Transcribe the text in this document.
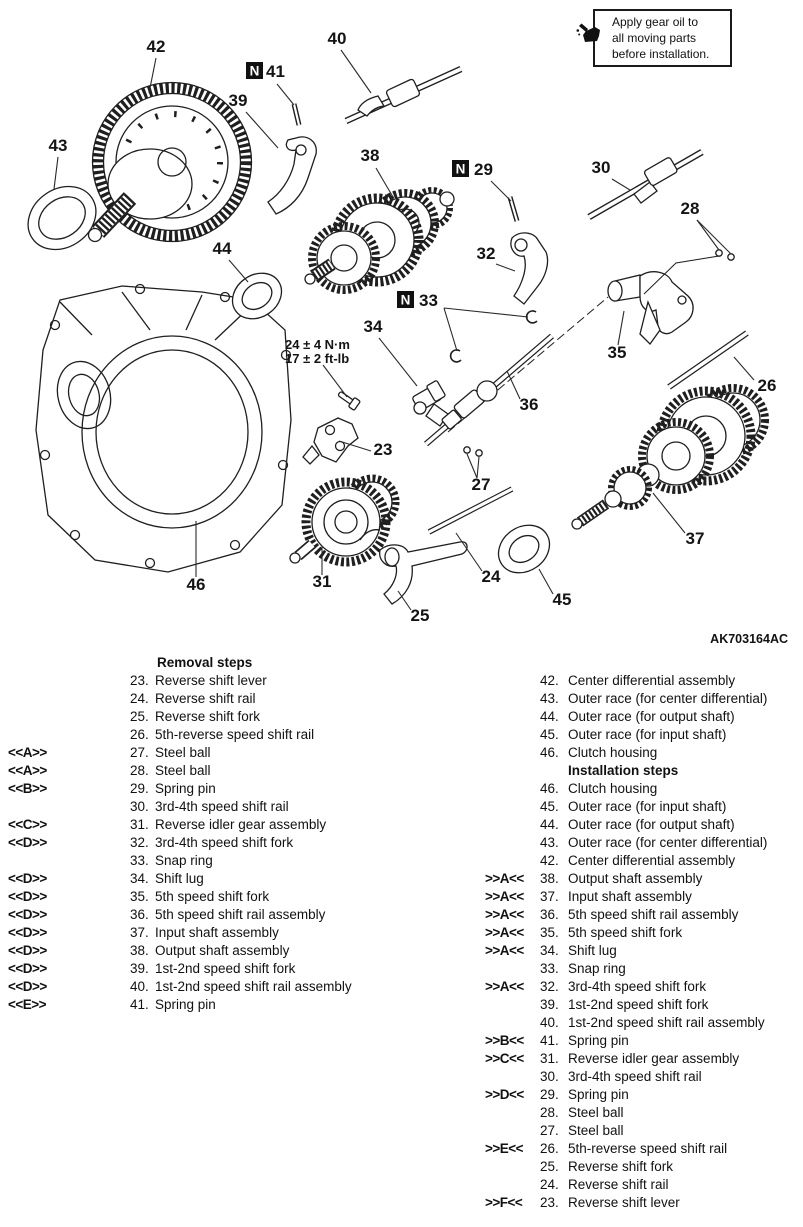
42
43
39
40
38
30
28
44	32
35
26
34
36
23
27
46	31
25
24
45
37
N 41
N 29
N 33
24 ± 4 N·m
17 ± 2 ft-lb
Apply gear oil to
all moving parts
before installation.
AK703164AC
Removal steps
23. Reverse shift lever
24. Reverse shift rail
25. Reverse shift fork
26. 5th-reverse speed shift rail
<<A>>	27. Steel ball
<<A>>	28. Steel ball
<<B>>	29. Spring pin
30. 3rd-4th speed shift rail
<<C>>	31. Reverse idler gear assembly
<<D>>	32. 3rd-4th speed shift fork
33. Snap ring
<<D>>	34. Shift lug
<<D>>	35. 5th speed shift fork
<<D>>	36. 5th speed shift rail assembly
<<D>>	37. Input shaft assembly
<<D>>	38. Output shaft assembly
<<D>>	39. 1st-2nd speed shift fork
<<D>>	40. 1st-2nd speed shift rail assembly
<<E>>	41. Spring pin
42. Center differential assembly
43. Outer race (for center differential)
44. Outer race (for output shaft)
45. Outer race (for input shaft)
46. Clutch housing
Installation steps
46. Clutch housing
45. Outer race (for input shaft)
44. Outer race (for output shaft)
43. Outer race (for center differential)
42. Center differential assembly
>>A<< 38. Output shaft assembly
>>A<< 37. Input shaft assembly
>>A<< 36. 5th speed shift rail assembly
>>A<< 35. 5th speed shift fork
>>A<< 34. Shift lug
33. Snap ring
>>A<< 32. 3rd-4th speed shift fork
39. 1st-2nd speed shift fork
40. 1st-2nd speed shift rail assembly
>>B<< 41. Spring pin
>>C<< 31. Reverse idler gear assembly
30. 3rd-4th speed shift rail
>>D<< 29. Spring pin
28. Steel ball
27. Steel ball
>>E<< 26. 5th-reverse speed shift rail
25. Reverse shift fork
24. Reverse shift rail
>>F<< 23. Reverse shift lever
